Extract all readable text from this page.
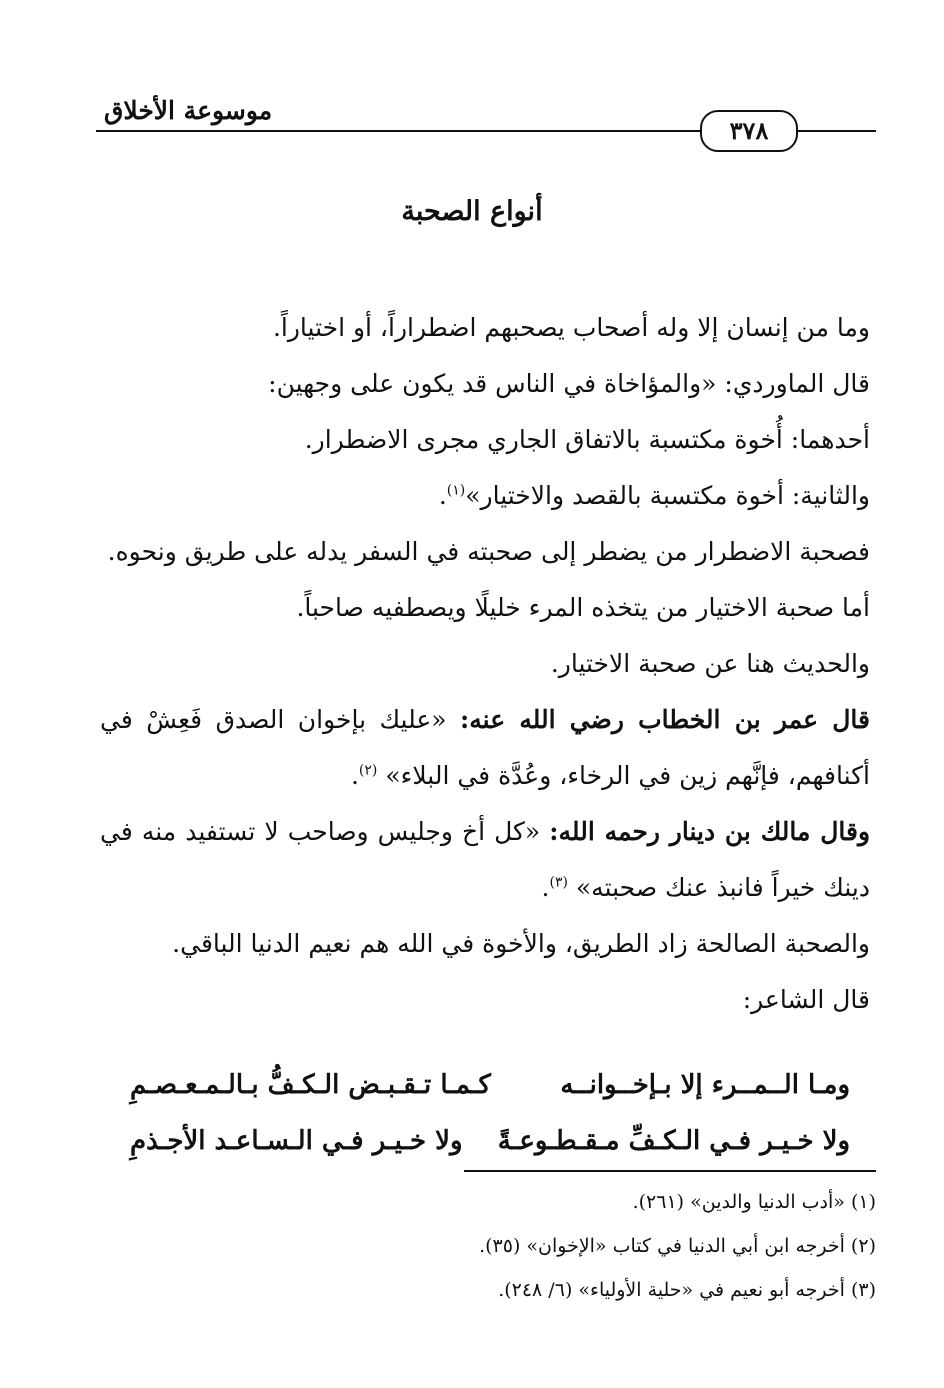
موسوعة الأخلاق
٣٧٨
أنواع الصحبة

وما من إنسان إلا وله أصحاب يصحبهم اضطراراً، أو اختياراً.

قال الماوردي: «والمؤاخاة في الناس قد يكون على وجهين:

أحدهما: أُخوة مكتسبة بالاتفاق الجاري مجرى الاضطرار.

والثانية: أخوة مكتسبة بالقصد والاختيار»$^{(١)}$.

فصحبة الاضطرار من يضطر إلى صحبته في السفر يدله على طريق ونحوه.

أما صحبة الاختيار من يتخذه المرء خليلًا ويصطفيه صاحباً.

والحديث هنا عن صحبة الاختيار.

قال عمر بن الخطاب رضي الله عنه: «عليك بإخوان الصدق فَعِشْ في أكنافهم، فإنَّهم زين في الرخاء، وعُدَّة في البلاء» $^{(٢)}$.

وقال مالك بن دينار رحمه الله: «كل أخ وجليس وصاحب لا تستفيد منه في دينك خيراً فانبذ عنك صحبته» $^{(٣)}$.

والصحبة الصالحة زاد الطريق، والأخوة في الله هم نعيم الدنيا الباقي.

قال الشاعر:

ومـا الــمــرء إلا بـإخــوانــه
كـمـا تـقـبـض الـكـفُّ بـالـمـعـصـمِ
ولا خـيـر فـي الـكـفِّ مـقـطـوعـةً
ولا خـيـر فـي الـسـاعـد الأجـذمِ

(١) «أدب الدنيا والدين» (٢٦١).

(٢) أخرجه ابن أبي الدنيا في كتاب «الإخوان» (٣٥).

(٣) أخرجه أبو نعيم في «حلية الأولياء» (٦/ ٢٤٨).
